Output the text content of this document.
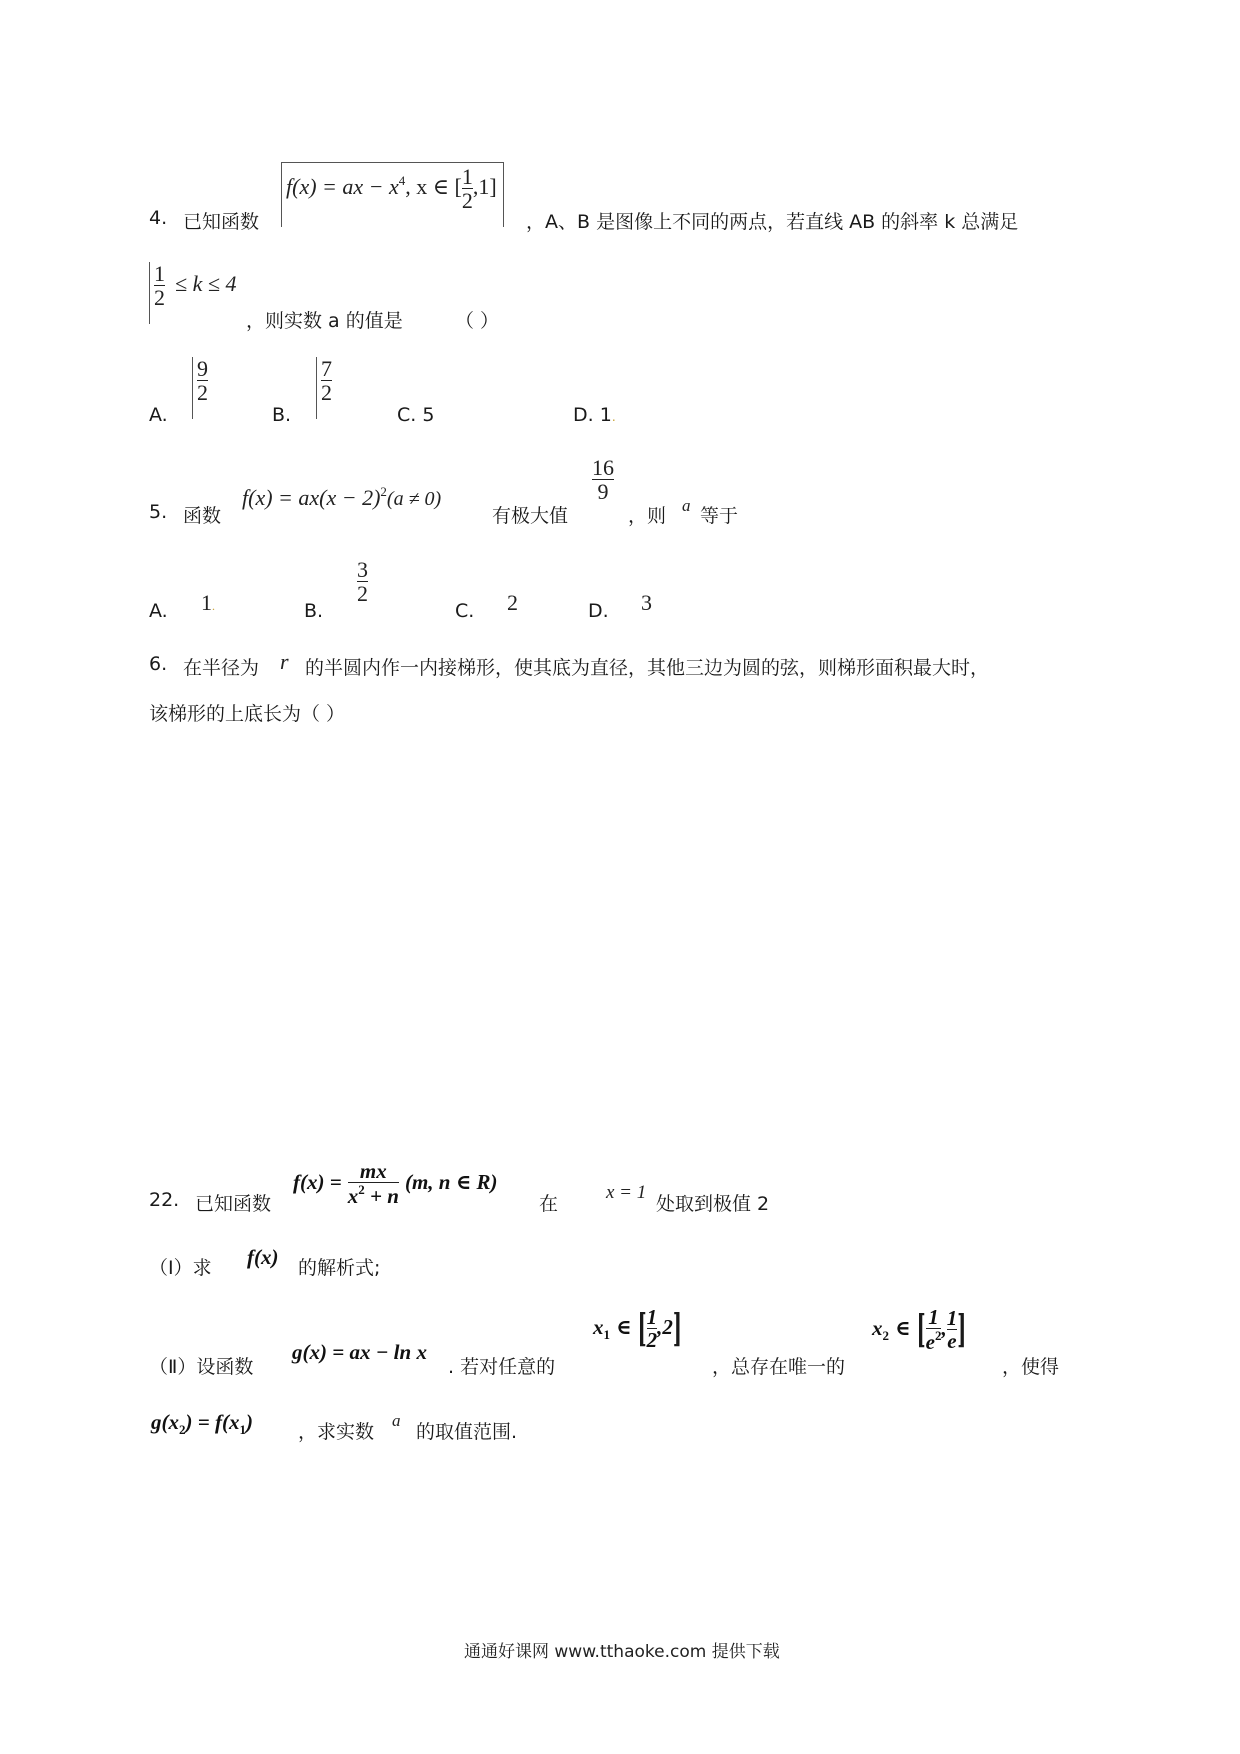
4. 已知函数
f(x) = ax − $x^4$, x ∈ [ $\frac{1}{2} ,1$]
，A、B 是图像上不同的两点，若直线 AB 的斜率 k 总满足
$\frac{1}{2} \le k \le 4$
，则实数 a 的值是	（ ）
A.
$\frac{9}{2}$
B.
$\frac{7}{2}$
C. 5	D. 1.
5. 函数
$f(x) = ax(x - 2)^2(a \ne 0)$
有极大值
$\frac{16}{9}$
，则 a 等于
A. 1.	B.
$\frac{3}{2}$
C. 2	D. 3
6. 在半径为 r 的半圆内作一内接梯形，使其底为直径，其他三边为圆的弦，则梯形面积最大时，
该梯形的上底长为（ ）
22. 已知函数
$f(x) = \frac{mx}{x^2 + n} (m$, n ∈ R)
在
x = 1
处取到极值 2
（Ⅰ）求 f(x) 的解析式;
（Ⅱ）设函数
g(x) = ax − ln x
. 若对任意的
$x_1$ ∈ [ $\frac{1}{2} ,2$]
，总存在唯一的
$x_2$ ∈ [ $\frac{1}{e^2}$ , $\frac{1}{e}$ ]
，使得
$g(x_2) = f(x_1)$ ，求实数
a
的取值范围.
通通好课网 www.tthaoke.com 提供下载
